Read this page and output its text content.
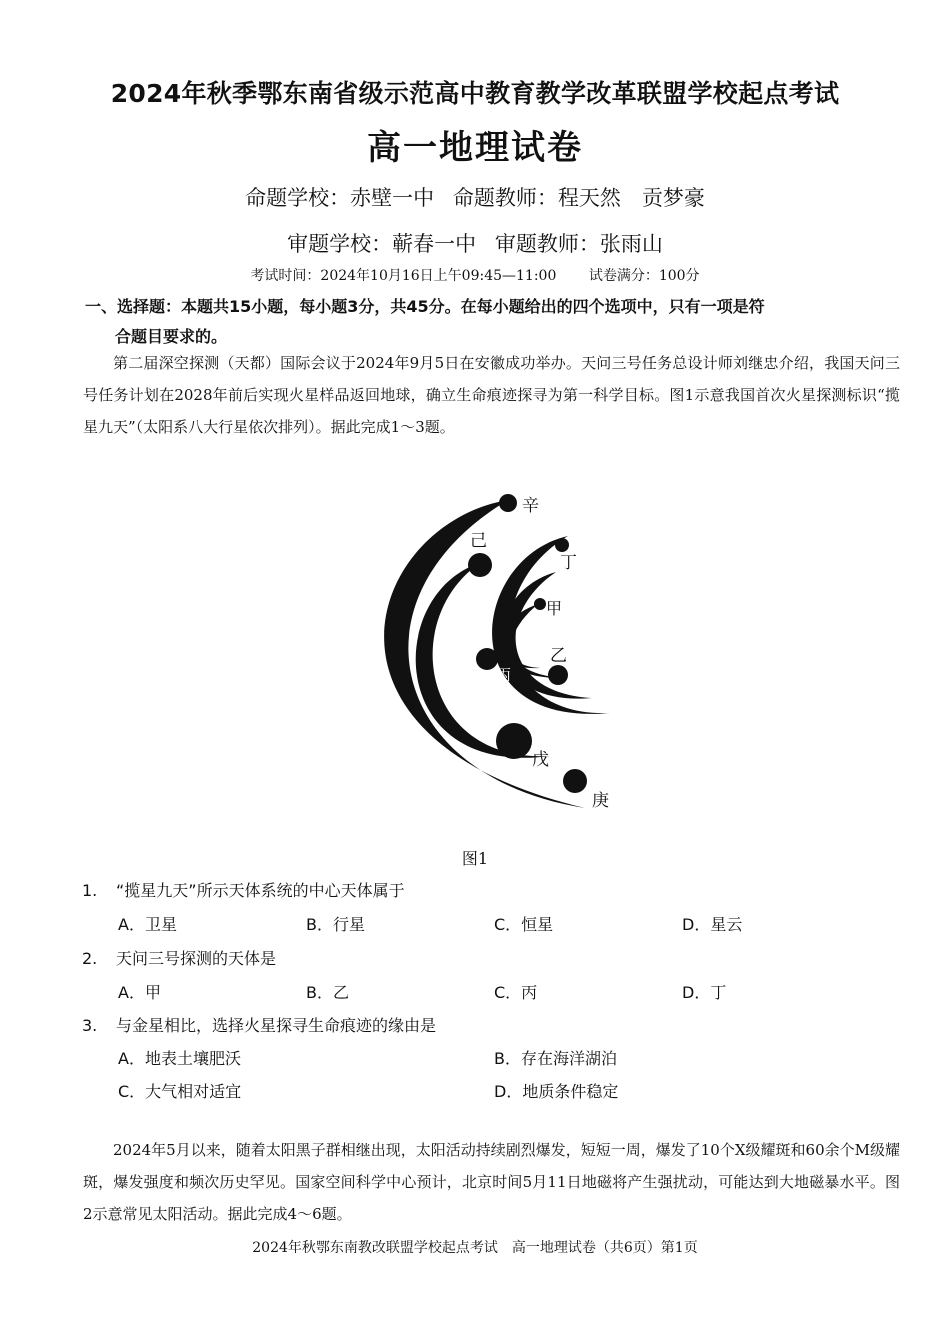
2024年秋季鄂东南省级示范高中教育教学改革联盟学校起点考试
高一地理试卷
命题学校：赤壁一中 命题教师：程天然　贡梦豪
审题学校：蕲春一中 审题教师：张雨山
考试时间：2024年10月16日上午09:45—11:00 试卷满分：100分
一、选择题：本题共15小题，每小题3分，共45分。在每小题给出的四个选项中，只有一项是符
合题目要求的。
第二届深空探测（天都）国际会议于2024年9月5日在安徽成功举办。天问三号任务总设计师刘继忠介绍，我国天问三号任务计划在2028年前后实现火星样品返回地球，确立生命痕迹探寻为第一科学目标。图1示意我国首次火星探测标识“揽星九天”（太阳系八大行星依次排列）。据此完成1～3题。
辛
己
丁
甲
乙
丙
戊
庚
图1
1. “揽星九天”所示天体系统的中心天体属于
A．卫星	B．行星	C．恒星	D．星云
2. 天问三号探测的天体是
A．甲	B．乙	C．丙	D．丁
3. 与金星相比，选择火星探寻生命痕迹的缘由是
A．地表土壤肥沃	B．存在海洋湖泊
C．大气相对适宜	D．地质条件稳定
2024年5月以来，随着太阳黑子群相继出现，太阳活动持续剧烈爆发，短短一周，爆发了10个X级耀斑和60余个M级耀斑，爆发强度和频次历史罕见。国家空间科学中心预计，北京时间5月11日地磁将产生强扰动，可能达到大地磁暴水平。图2示意常见太阳活动。据此完成4～6题。
2024年秋鄂东南教改联盟学校起点考试　高一地理试卷（共6页）第1页
